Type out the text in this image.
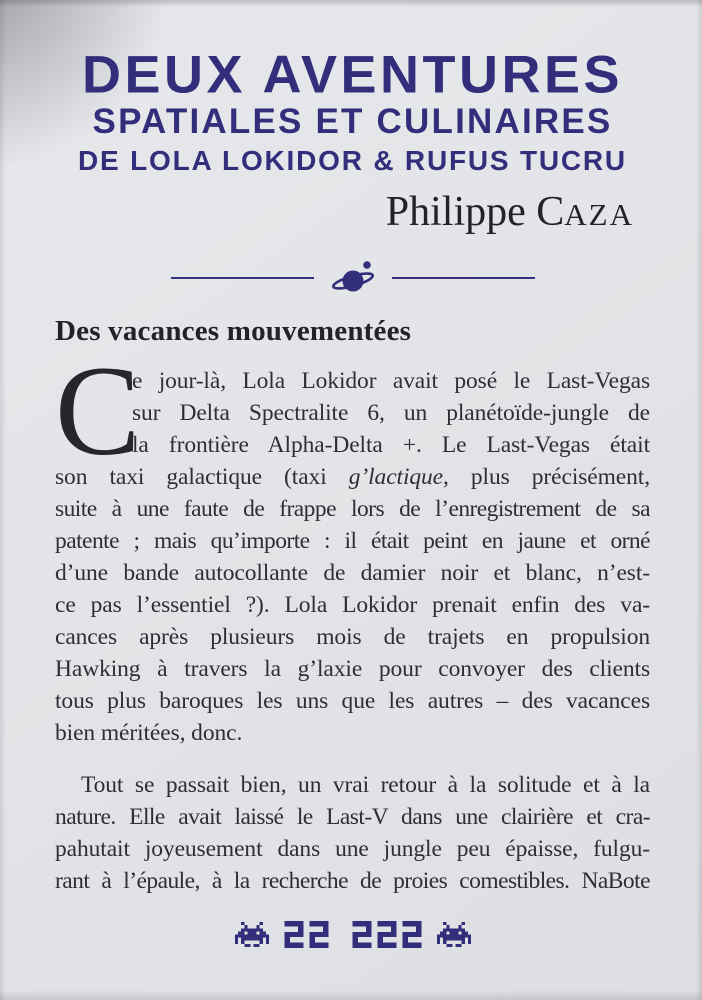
DEUX AVENTURES
SPATIALES ET CULINAIRES
DE LOLA LOKIDOR & RUFUS TUCRU
Philippe CAZA
Des vacances mouvementées
C
e jour-là, Lola Lokidor avait posé le Last-Vegas
sur Delta Spectralite 6, un planétoïde-jungle de
la frontière Alpha-Delta +. Le Last-Vegas était
son taxi galactique (taxi g’lactique, plus précisément,
suite à une faute de frappe lors de l’enregistrement de sa
patente ; mais qu’importe : il était peint en jaune et orné
d’une bande autocollante de damier noir et blanc, n’est-
ce pas l’essentiel ?). Lola Lokidor prenait enfin des va-
cances après plusieurs mois de trajets en propulsion
Hawking à travers la g’laxie pour convoyer des clients
tous plus baroques les uns que les autres – des vacances
bien méritées, donc.
Tout se passait bien, un vrai retour à la solitude et à la
nature. Elle avait laissé le Last-V dans une clairière et cra-
pahutait joyeusement dans une jungle peu épaisse, fulgu-
rant à l’épaule, à la recherche de proies comestibles. NaBote
